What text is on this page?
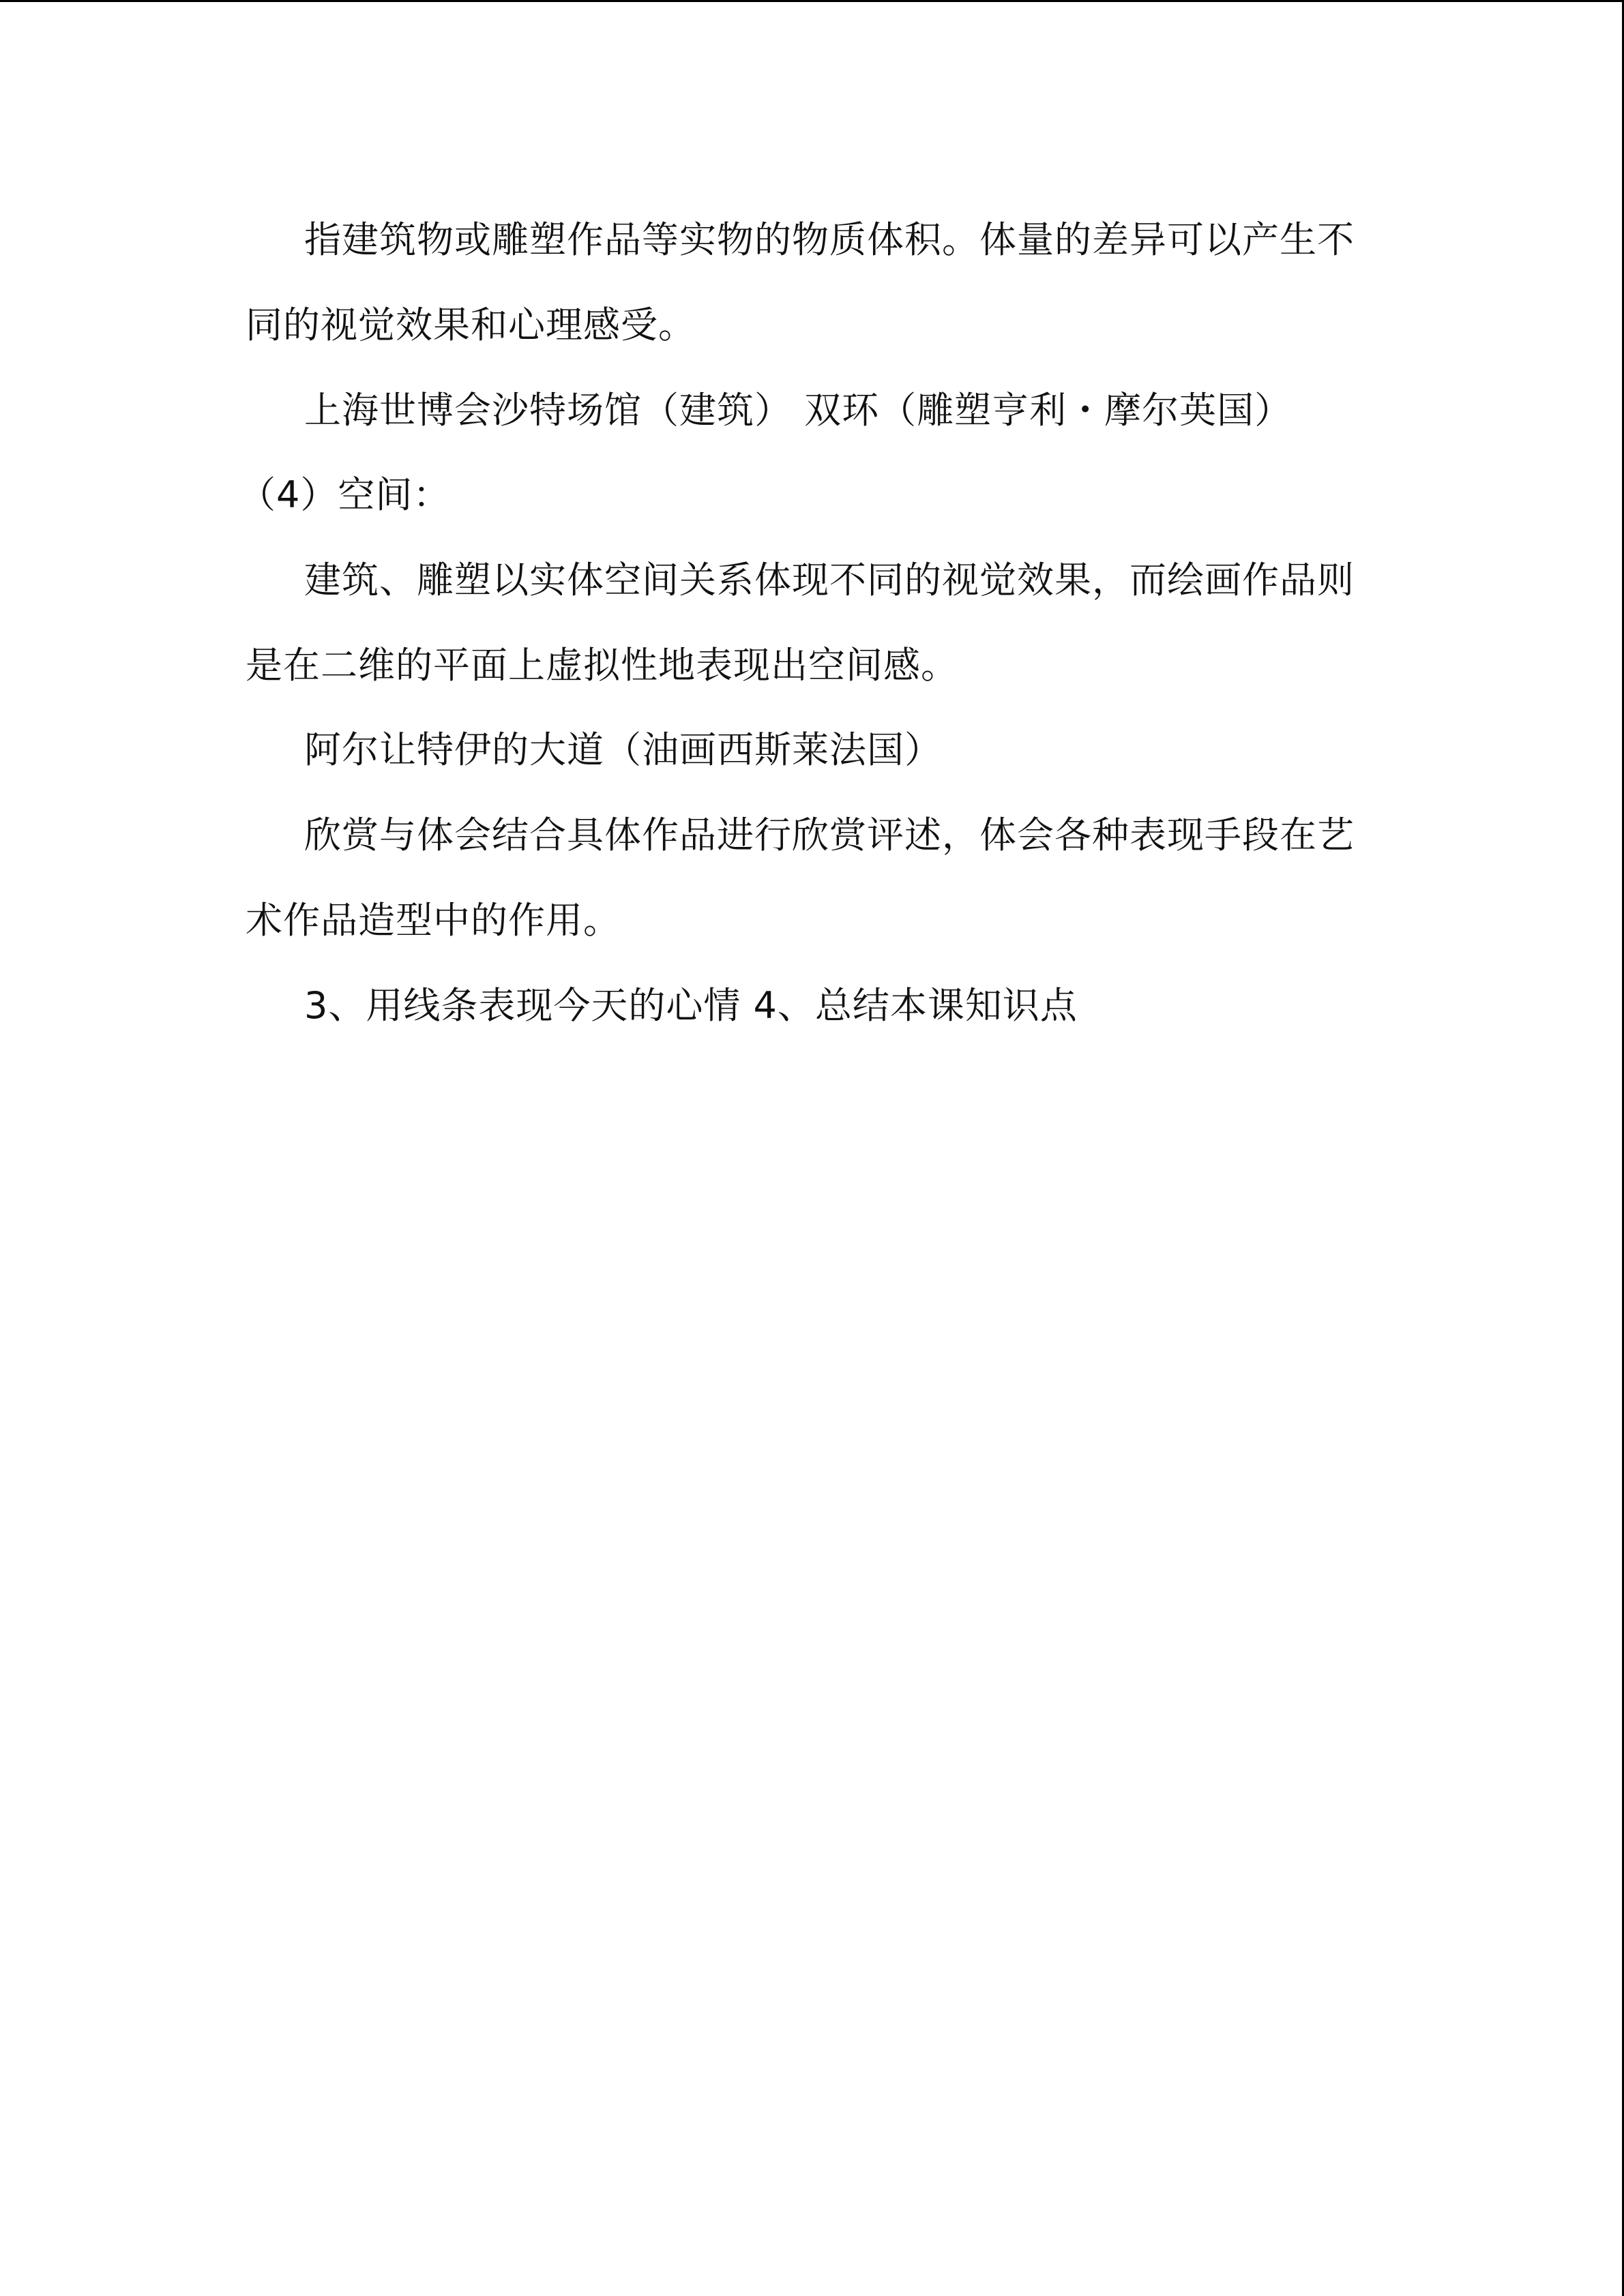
指建筑物或雕塑作品等实物的物质体积。体量的差异可以产生不
同的视觉效果和心理感受。
上海世博会沙特场馆（建筑） 双环（雕塑亨利・摩尔英国）
（4）空间：
建筑、雕塑以实体空间关系体现不同的视觉效果，而绘画作品则
是在二维的平面上虚拟性地表现出空间感。
阿尔让特伊的大道（油画西斯莱法国）
欣赏与体会结合具体作品进行欣赏评述，体会各种表现手段在艺
术作品造型中的作用。
3、用线条表现今天的心情 4、总结本课知识点
